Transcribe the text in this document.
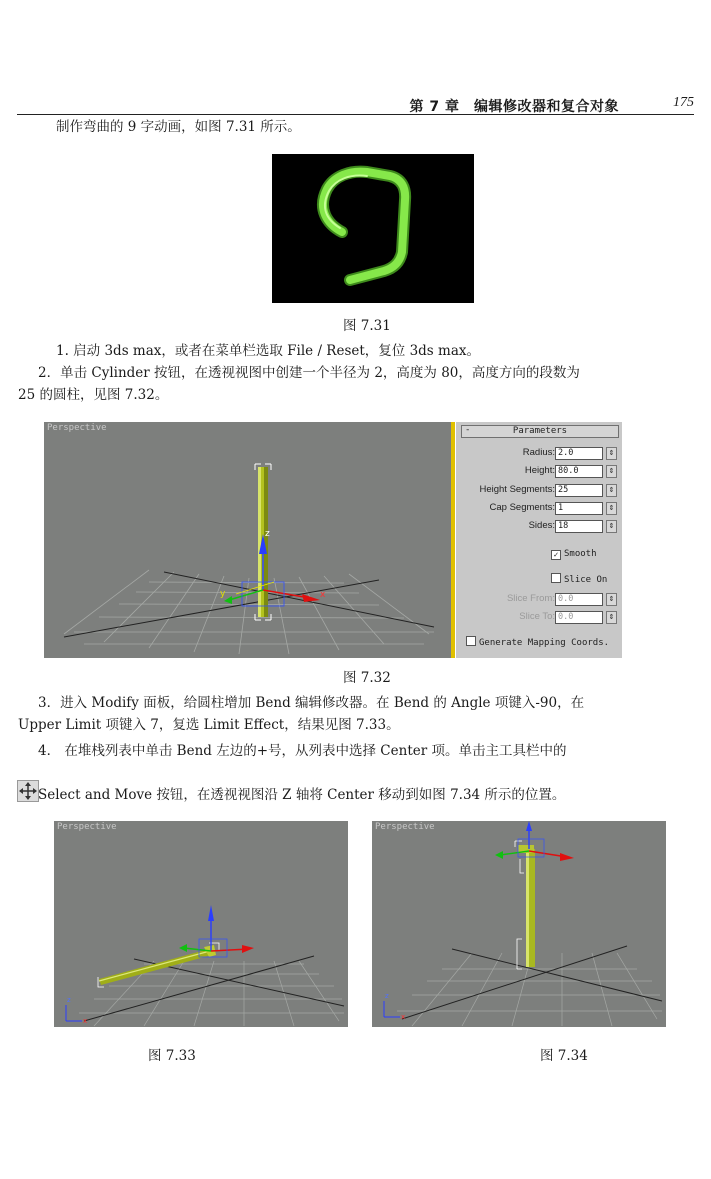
第 7 章　编辑修改器和复合对象	175
制作弯曲的 9 字动画，如图 7.31 所示。
图 7.31
1. 启动 3ds max，或者在菜单栏选取 File / Reset，复位 3ds max。
2．单击 Cylinder 按钮，在透视视图中创建一个半径为 2，高度为 80，高度方向的段数为
25 的圆柱，见图 7.32。
Perspective
z
x
y
-	Parameters
Radius: 2.0	⇕
Height: 80.0	⇕
Height Segments: 25	⇕
Cap Segments: 1	⇕
Sides: 18	⇕
✓ Smooth
Slice On
Slice From: 0.0	⇕
Slice To: 0.0	⇕
Generate Mapping Coords.
图 7.32
3．进入 Modify 面板，给圆柱增加 Bend 编辑修改器。在 Bend 的 Angle 项键入-90，在
Upper Limit 项键入 7，复选 Limit Effect，结果见图 7.33。
4． 在堆栈列表中单击 Bend 左边的+号，从列表中选择 Center 项。单击主工具栏中的
Select and Move 按钮，在透视视图沿 Z 轴将 Center 移动到如图 7.34 所示的位置。
Perspective
z
x
图 7.33
Perspective
z
x
图 7.34
